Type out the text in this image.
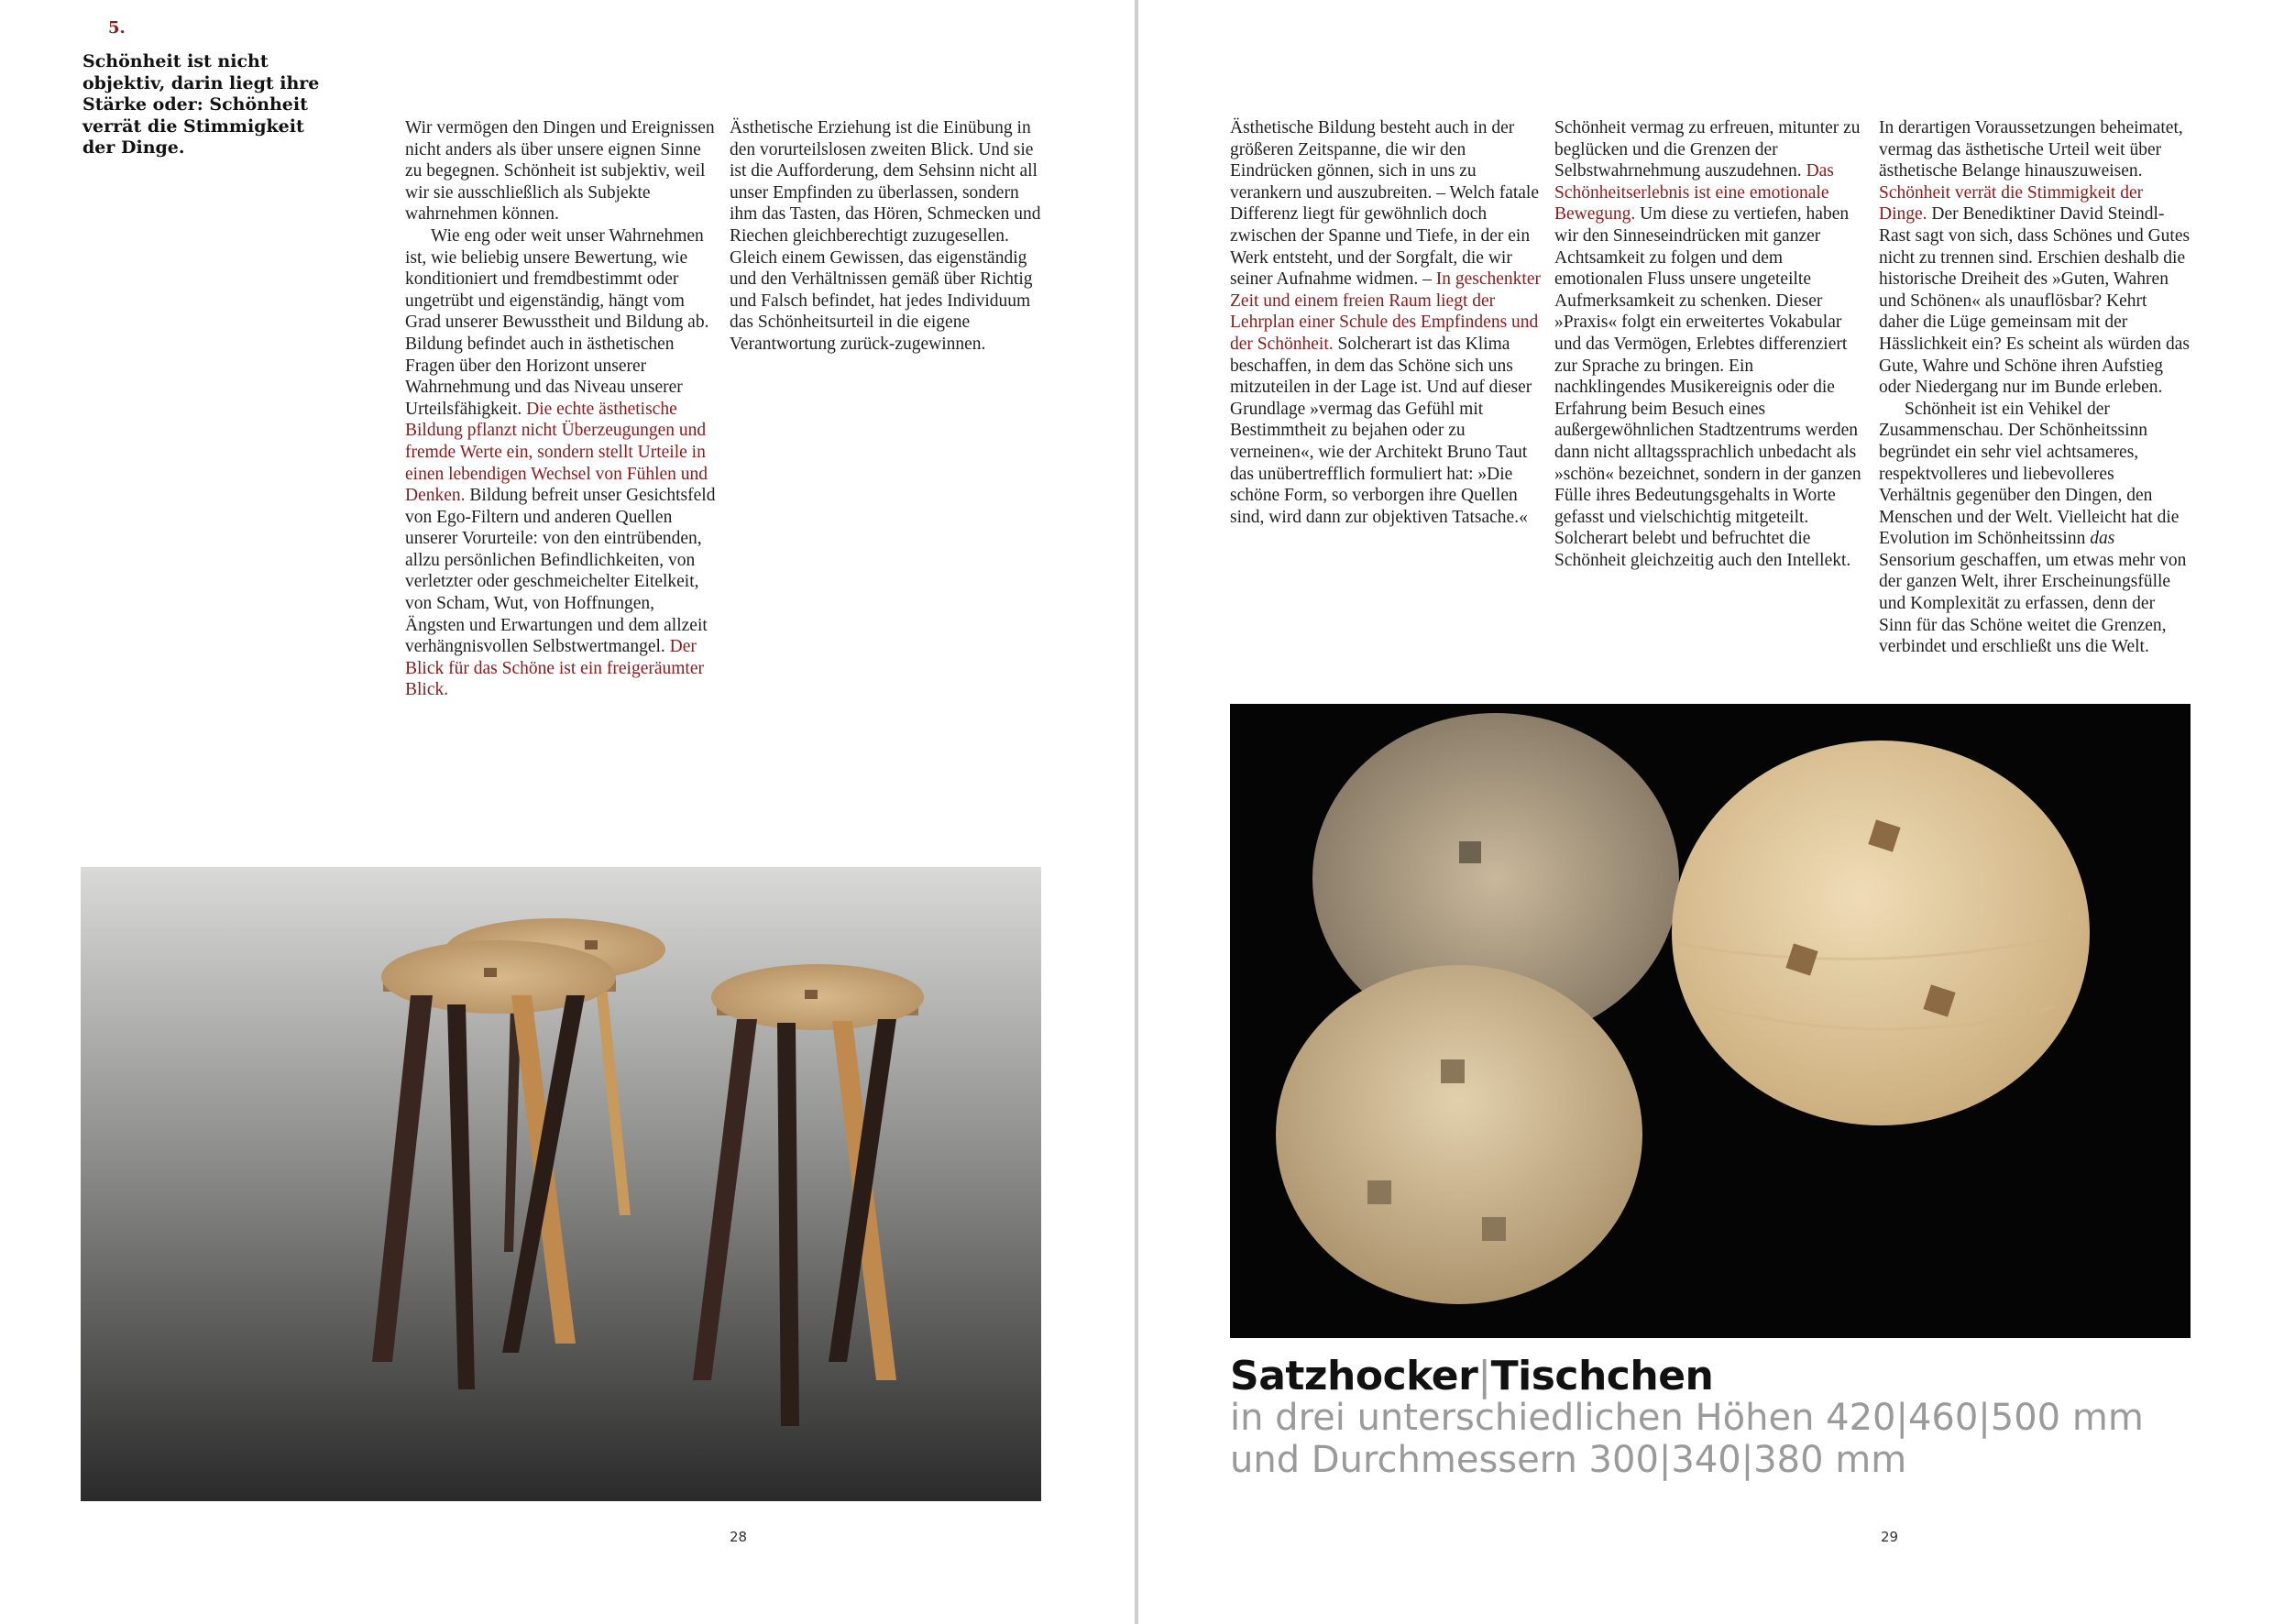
5.
Schönheit ist nicht objektiv, darin liegt ihre Stärke oder: Schönheit verrät die Stimmigkeit der Dinge.

Wir vermögen den Dingen und Ereignissen nicht anders als über unsere eignen Sinne zu begegnen. Schönheit ist subjektiv, weil wir sie ausschließlich als Subjekte wahrnehmen können.

Wie eng oder weit unser Wahrnehmen ist, wie beliebig unsere Bewertung, wie konditioniert und fremdbestimmt oder ungetrübt und eigenständig, hängt vom Grad unserer Bewusstheit und Bildung ab. Bildung befindet auch in ästhetischen Fragen über den Horizont unserer Wahrnehmung und das Niveau unserer Urteilsfähigkeit. Die echte ästhetische Bildung pflanzt nicht Überzeugungen und fremde Werte ein, sondern stellt Urteile in einen lebendigen Wechsel von Fühlen und Denken. Bildung befreit unser Gesichtsfeld von Ego-Filtern und anderen Quellen unserer Vorurteile: von den eintrübenden, allzu persönlichen Befindlichkeiten, von verletzter oder geschmeichelter Eitelkeit, von Scham, Wut, von Hoffnungen, Ängsten und Erwartungen und dem allzeit verhängnisvollen Selbstwertmangel. Der Blick für das Schöne ist ein freigeräumter Blick.

Ästhetische Erziehung ist die Einübung in den vorurteilslosen zweiten Blick. Und sie ist die Aufforderung, dem Sehsinn nicht all unser Empfinden zu überlassen, sondern ihm das Tasten, das Hören, Schmecken und Riechen gleichberechtigt zuzugesellen. Gleich einem Gewissen, das eigenständig und den Verhältnissen gemäß über Richtig und Falsch befindet, hat jedes Individuum das Schönheitsurteil in die eigene Verantwortung zurück-zugewinnen.

28

Ästhetische Bildung besteht auch in der größeren Zeitspanne, die wir den Eindrücken gönnen, sich in uns zu verankern und auszubreiten. – Welch fatale Differenz liegt für gewöhnlich doch zwischen der Spanne und Tiefe, in der ein Werk entsteht, und der Sorgfalt, die wir seiner Aufnahme widmen. – In geschenkter Zeit und einem freien Raum liegt der Lehrplan einer Schule des Empfindens und der Schönheit. Solcherart ist das Klima beschaffen, in dem das Schöne sich uns mitzuteilen in der Lage ist. Und auf dieser Grundlage »vermag das Gefühl mit Bestimmtheit zu bejahen oder zu verneinen«, wie der Architekt Bruno Taut das unübertrefflich formuliert hat: »Die schöne Form, so verborgen ihre Quellen sind, wird dann zur objektiven Tatsache.«

Schönheit vermag zu erfreuen, mitunter zu beglücken und die Grenzen der Selbstwahrnehmung auszudehnen. Das Schönheitserlebnis ist eine emotionale Bewegung. Um diese zu vertiefen, haben wir den Sinneseindrücken mit ganzer Achtsamkeit zu folgen und dem emotionalen Fluss unsere ungeteilte Aufmerksamkeit zu schenken. Dieser »Praxis« folgt ein erweitertes Vokabular und das Vermögen, Erlebtes differenziert zur Sprache zu bringen. Ein nachklingendes Musikereignis oder die Erfahrung beim Besuch eines außergewöhnlichen Stadtzentrums werden dann nicht alltagssprachlich unbedacht als »schön« bezeichnet, sondern in der ganzen Fülle ihres Bedeutungsgehalts in Worte gefasst und vielschichtig mitgeteilt. Solcherart belebt und befruchtet die Schönheit gleichzeitig auch den Intellekt.

In derartigen Voraussetzungen beheimatet, vermag das ästhetische Urteil weit über ästhetische Belange hinauszuweisen. Schönheit verrät die Stimmigkeit der Dinge. Der Benediktiner David Steindl-Rast sagt von sich, dass Schönes und Gutes nicht zu trennen sind. Erschien deshalb die historische Dreiheit des »Guten, Wahren und Schönen« als unauflösbar? Kehrt daher die Lüge gemeinsam mit der Hässlichkeit ein? Es scheint als würden das Gute, Wahre und Schöne ihren Aufstieg oder Niedergang nur im Bunde erleben.

Schönheit ist ein Vehikel der Zusammenschau. Der Schönheitssinn begründet ein sehr viel achtsameres, respektvolleres und liebevolleres Verhältnis gegenüber den Dingen, den Menschen und der Welt. Vielleicht hat die Evolution im Schönheitssinn das Sensorium geschaffen, um etwas mehr von der ganzen Welt, ihrer Erscheinungsfülle und Komplexität zu erfassen, denn der Sinn für das Schöne weitet die Grenzen, verbindet und erschließt uns die Welt.

Satzhocker|Tischchen
in drei unterschiedlichen Höhen 420|460|500 mm
und Durchmessern 300|340|380 mm
29
